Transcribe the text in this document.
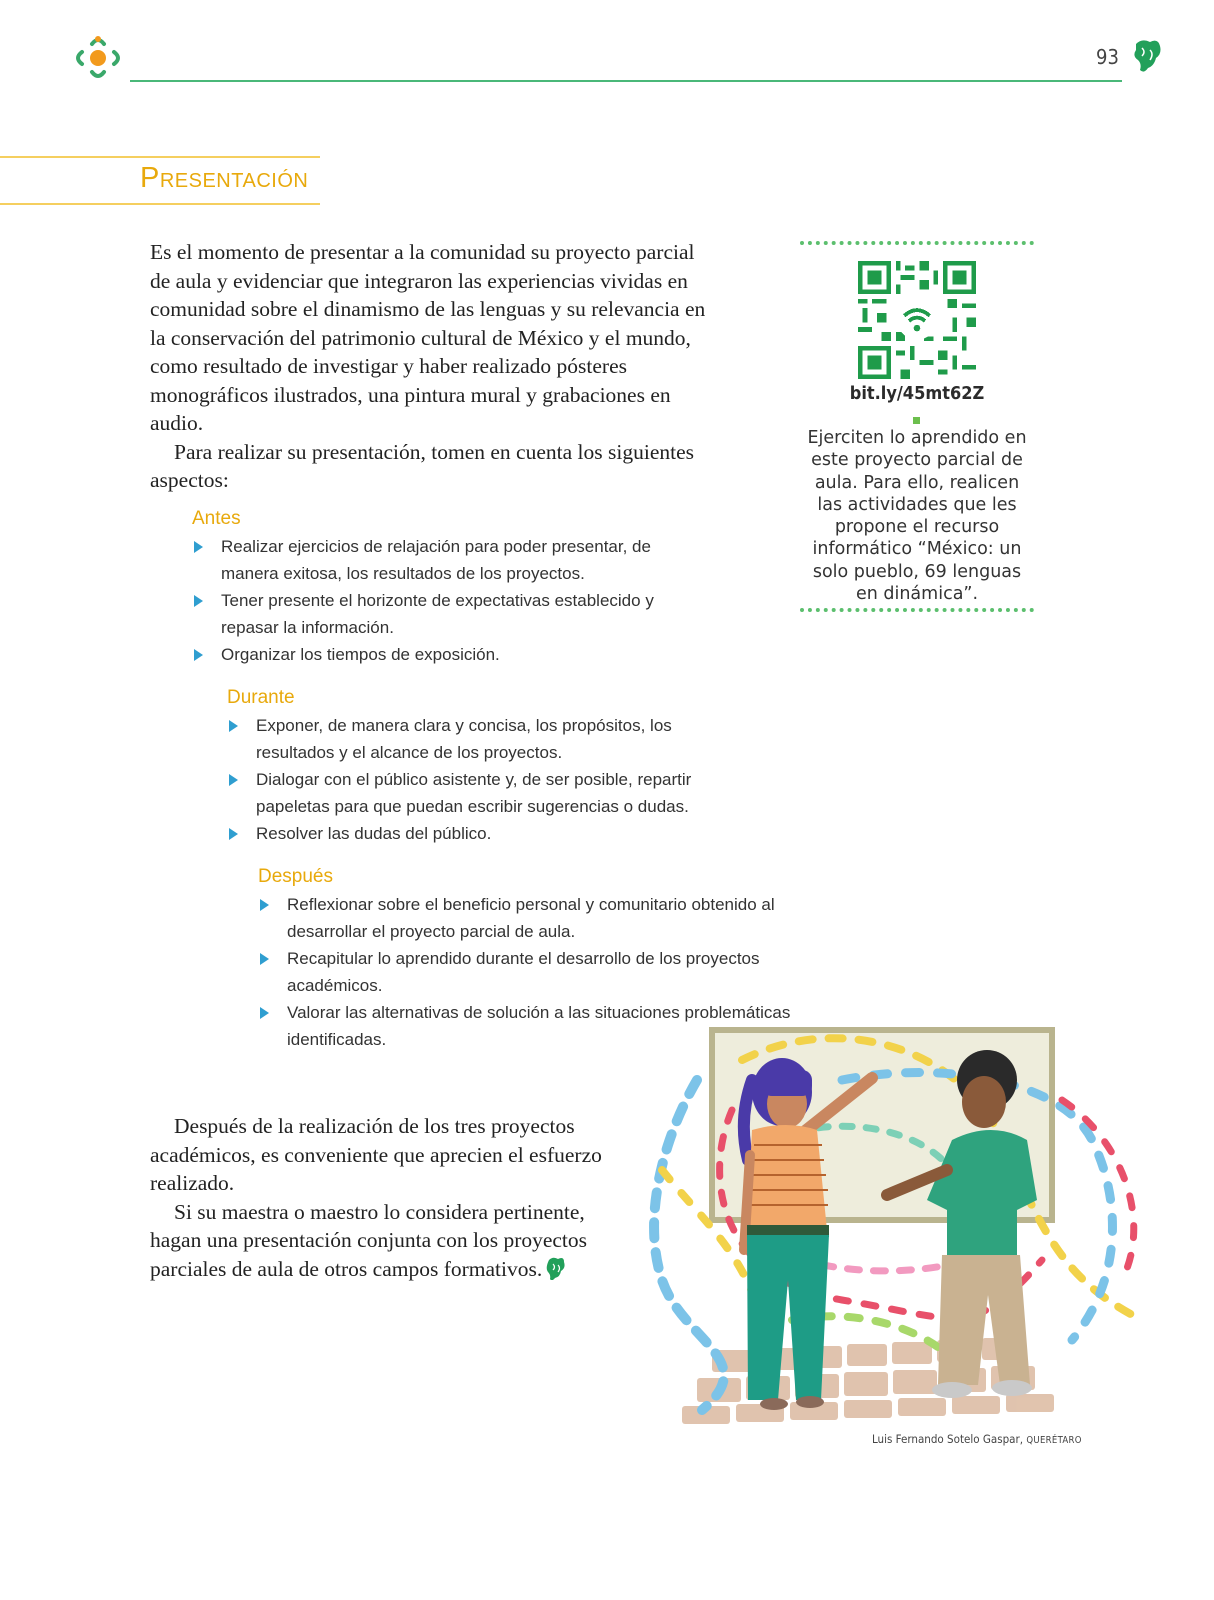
93
Presentación

Es el momento de presentar a la comunidad su proyecto parcial de aula y evidenciar que integraron las experiencias vividas en comunidad sobre el dinamismo de las lenguas y su relevancia en la conservación del patrimonio cultural de México y el mundo, como resultado de investigar y haber realizado pósteres monográficos ilustrados, una pintura mural y grabaciones en audio.

Para realizar su presentación, tomen en cuenta los siguientes aspectos:

Antes
Realizar ejercicios de relajación para poder presentar, de manera exitosa, los resultados de los proyectos.
Tener presente el horizonte de expectativas establecido y repasar la información.
Organizar los tiempos de exposición.
Durante
Exponer, de manera clara y concisa, los propósitos, los resultados y el alcance de los proyectos.
Dialogar con el público asistente y, de ser posible, repartir papeletas para que puedan escribir sugerencias o dudas.
Resolver las dudas del público.
Después
Reflexionar sobre el beneficio personal y comunitario obtenido al desarrollar el proyecto parcial de aula.
Recapitular lo aprendido durante el desarrollo de los proyectos académicos.
Valorar las alternativas de solución a las situaciones problemáticas identificadas.

Después de la realización de los tres proyectos académicos, es conveniente que aprecien el esfuerzo realizado.

Si su maestra o maestro lo considera pertinente, hagan una presentación conjunta con los proyectos parciales de aula de otros campos formativos.

bit.ly/45mt62Z
Ejerciten lo aprendido en este proyecto parcial de aula. Para ello, realicen las actividades que les propone el recurso informático “México: un solo pueblo, 69 lenguas en dinámica”.
Luis Fernando Sotelo Gaspar, QUERÉTARO
